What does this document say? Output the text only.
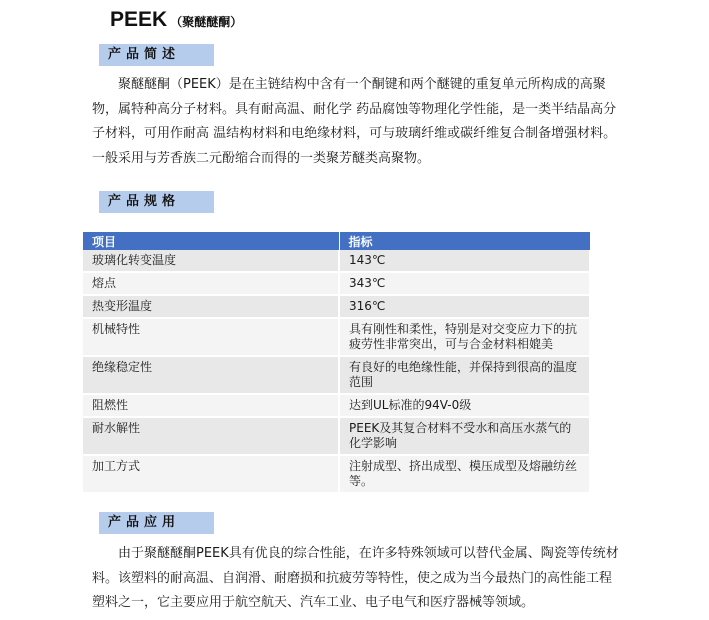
PEEK （聚醚醚酮）
产品简述

聚醚醚酮（PEEK）是在主链结构中含有一个酮键和两个醚键的重复单元所构成的高聚物，属特种高分子材料。具有耐高温、耐化学 药品腐蚀等物理化学性能，是一类半结晶高分子材料，可用作耐高 温结构材料和电绝缘材料，可与玻璃纤维或碳纤维复合制备增强材料。一般采用与芳香族二元酚缩合而得的一类聚芳醚类高聚物。

产品规格
项目	指标
玻璃化转变温度	143℃
熔点	343℃
热变形温度	316℃
机械特性	具有刚性和柔性，特别是对交变应力下的抗疲劳性非常突出，可与合金材料相媲美
绝缘稳定性	有良好的电绝缘性能，并保持到很高的温度范围
阻燃性	达到UL标准的94V-0级
耐水解性	PEEK及其复合材料不受水和高压水蒸气的化学影响
加工方式	注射成型、挤出成型、模压成型及熔融纺丝等。
产品应用

由于聚醚醚酮PEEK具有优良的综合性能，在许多特殊领域可以替代金属、陶瓷等传统材料。该塑料的耐高温、自润滑、耐磨损和抗疲劳等特性，使之成为当今最热门的高性能工程塑料之一，它主要应用于航空航天、汽车工业、电子电气和医疗器械等领域。
